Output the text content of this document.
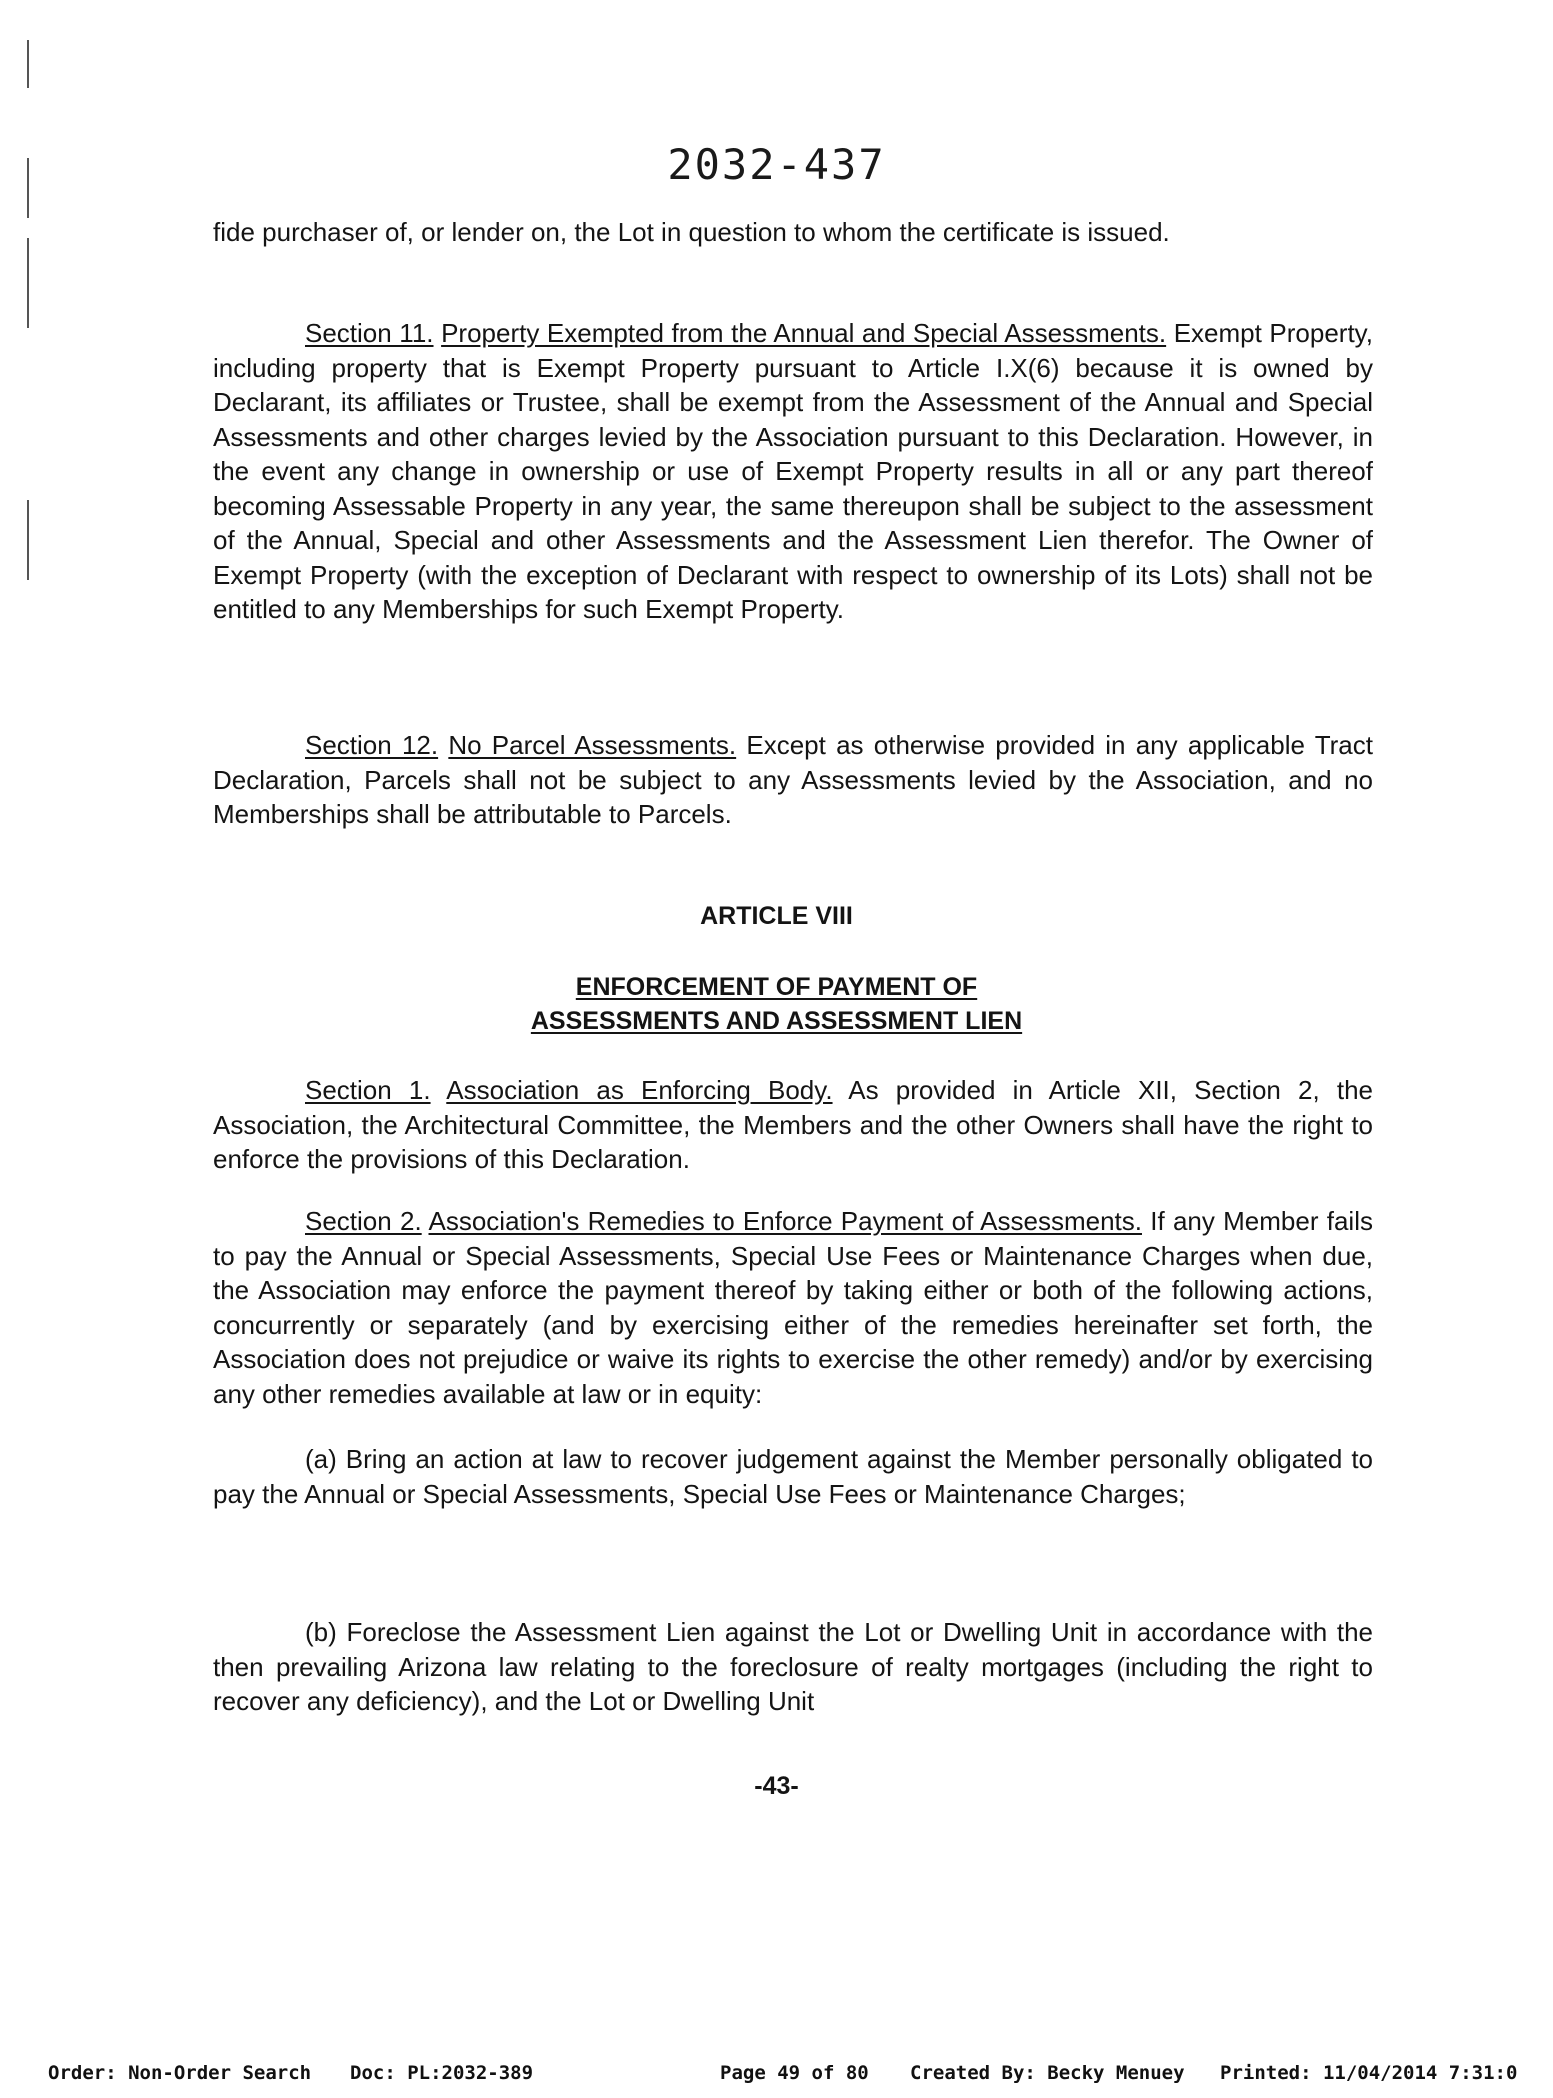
2032-437

fide purchaser of, or lender on, the Lot in question to whom the certificate is issued.

Section 11. Property Exempted from the Annual and Special Assessments. Exempt Property, including property that is Exempt Property pursuant to Article I.X(6) because it is owned by Declarant, its affiliates or Trustee, shall be exempt from the Assessment of the Annual and Special Assessments and other charges levied by the Association pursuant to this Declaration. However, in the event any change in ownership or use of Exempt Property results in all or any part thereof becoming Assessable Property in any year, the same thereupon shall be subject to the assessment of the Annual, Special and other Assessments and the Assessment Lien therefor. The Owner of Exempt Property (with the exception of Declarant with respect to ownership of its Lots) shall not be entitled to any Memberships for such Exempt Property.

Section 12. No Parcel Assessments. Except as otherwise provided in any applicable Tract Declaration, Parcels shall not be subject to any Assessments levied by the Association, and no Memberships shall be attributable to Parcels.

ARTICLE VIII
ENFORCEMENT OF PAYMENT OF
ASSESSMENTS AND ASSESSMENT LIEN

Section 1. Association as Enforcing Body. As provided in Article XII, Section 2, the Association, the Architectural Committee, the Members and the other Owners shall have the right to enforce the provisions of this Declaration.

Section 2. Association's Remedies to Enforce Payment of Assessments. If any Member fails to pay the Annual or Special Assessments, Special Use Fees or Maintenance Charges when due, the Association may enforce the payment thereof by taking either or both of the following actions, concurrently or separately (and by exercising either of the remedies hereinafter set forth, the Association does not prejudice or waive its rights to exercise the other remedy) and/or by exercising any other remedies available at law or in equity:

(a) Bring an action at law to recover judgement against the Member personally obligated to pay the Annual or Special Assessments, Special Use Fees or Maintenance Charges;

(b) Foreclose the Assessment Lien against the Lot or Dwelling Unit in accordance with the then prevailing Arizona law relating to the foreclosure of realty mortgages (including the right to recover any deficiency), and the Lot or Dwelling Unit

-43-
Order: Non-Order Search Doc: PL:2032-389	Page 49 of 80 Created By: Becky Menuey Printed: 11/04/2014 7:31:0
